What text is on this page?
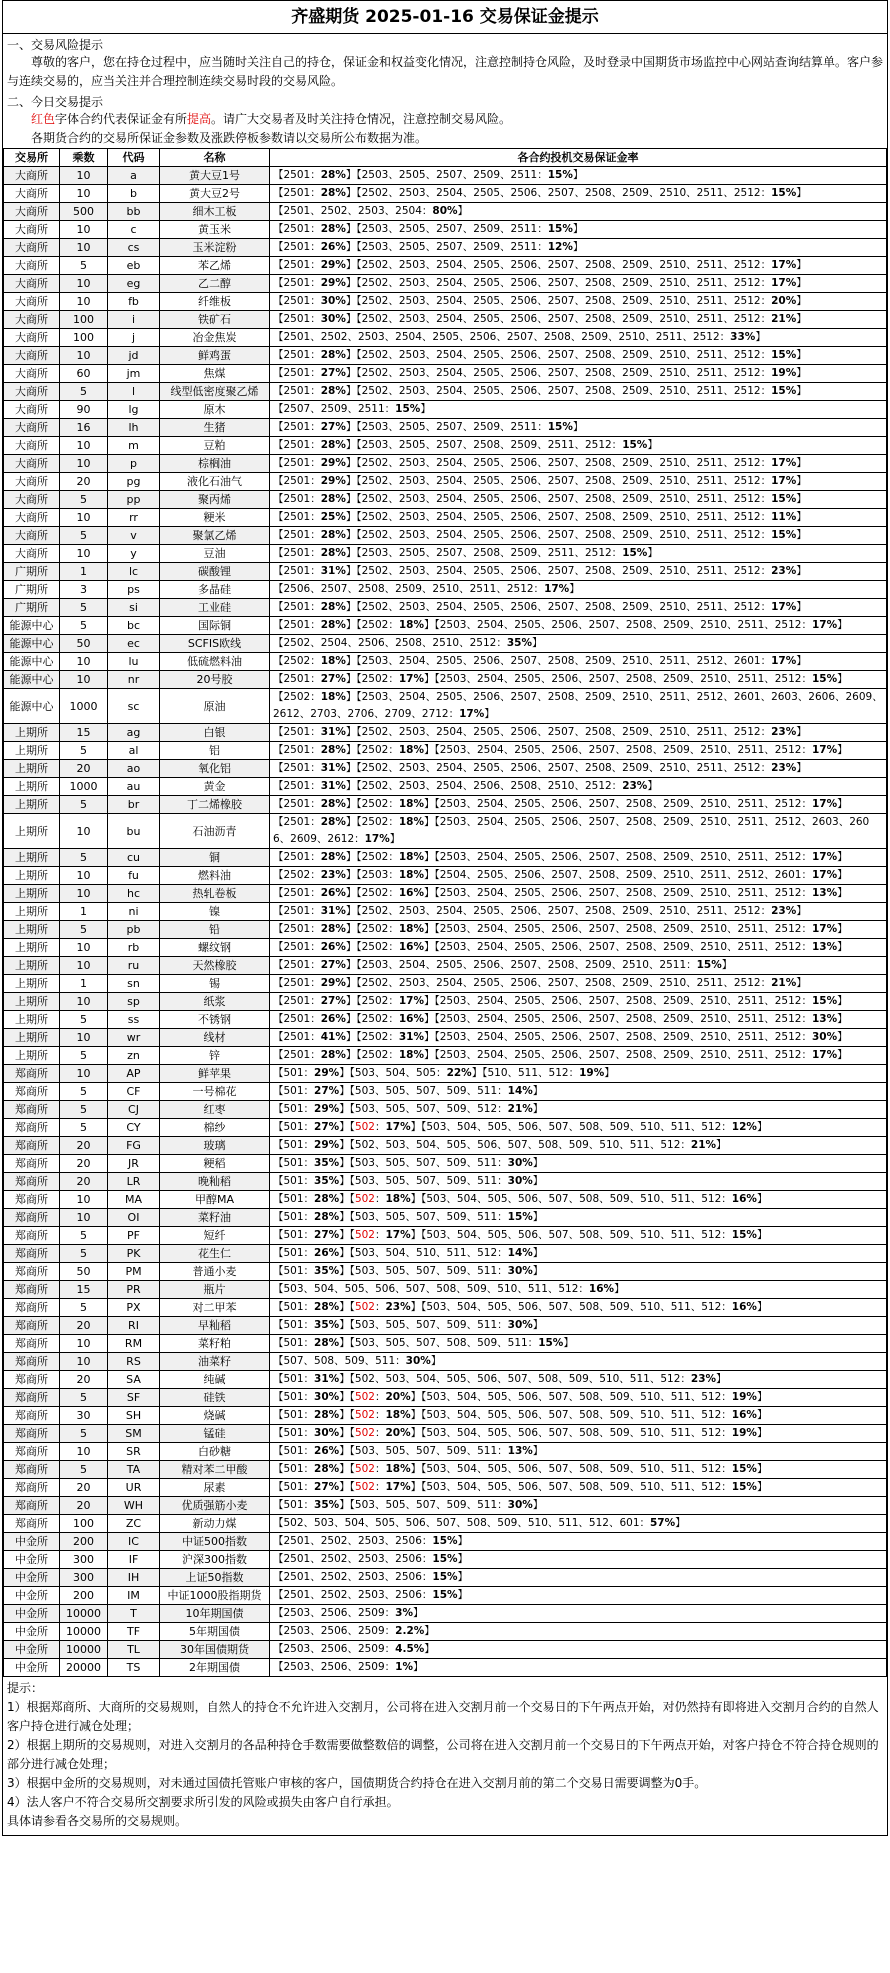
齐盛期货 2025-01-16 交易保证金提示
一、交易风险提示
尊敬的客户，您在持仓过程中，应当随时关注自己的持仓，保证金和权益变化情况，注意控制持仓风险，及时登录中国期货市场监控中心网站查询结算单。客户参与连续交易的，应当关注并合理控制连续交易时段的交易风险。
二、今日交易提示
红色字体合约代表保证金有所提高。请广大交易者及时关注持仓情况，注意控制交易风险。
各期货合约的交易所保证金参数及涨跌停板参数请以交易所公布数据为准。
交易所	乘数	代码	名称	各合约投机交易保证金率
大商所	10	a	黄大豆1号	【2501：28%】【2503、2505、2507、2509、2511：15%】
大商所	10	b	黄大豆2号	【2501：28%】【2502、2503、2504、2505、2506、2507、2508、2509、2510、2511、2512：15%】
大商所	500	bb	细木工板	【2501、2502、2503、2504：80%】
大商所	10	c	黄玉米	【2501：28%】【2503、2505、2507、2509、2511：15%】
大商所	10	cs	玉米淀粉	【2501：26%】【2503、2505、2507、2509、2511：12%】
大商所	5	eb	苯乙烯	【2501：29%】【2502、2503、2504、2505、2506、2507、2508、2509、2510、2511、2512：17%】
大商所	10	eg	乙二醇	【2501：29%】【2502、2503、2504、2505、2506、2507、2508、2509、2510、2511、2512：17%】
大商所	10	fb	纤维板	【2501：30%】【2502、2503、2504、2505、2506、2507、2508、2509、2510、2511、2512：20%】
大商所	100	i	铁矿石	【2501：30%】【2502、2503、2504、2505、2506、2507、2508、2509、2510、2511、2512：21%】
大商所	100	j	冶金焦炭	【2501、2502、2503、2504、2505、2506、2507、2508、2509、2510、2511、2512：33%】
大商所	10	jd	鲜鸡蛋	【2501：28%】【2502、2503、2504、2505、2506、2507、2508、2509、2510、2511、2512：15%】
大商所	60	jm	焦煤	【2501：27%】【2502、2503、2504、2505、2506、2507、2508、2509、2510、2511、2512：19%】
大商所	5	l	线型低密度聚乙烯	【2501：28%】【2502、2503、2504、2505、2506、2507、2508、2509、2510、2511、2512：15%】
大商所	90	lg	原木	【2507、2509、2511：15%】
大商所	16	lh	生猪	【2501：27%】【2503、2505、2507、2509、2511：15%】
大商所	10	m	豆粕	【2501：28%】【2503、2505、2507、2508、2509、2511、2512：15%】
大商所	10	p	棕榈油	【2501：29%】【2502、2503、2504、2505、2506、2507、2508、2509、2510、2511、2512：17%】
大商所	20	pg	液化石油气	【2501：29%】【2502、2503、2504、2505、2506、2507、2508、2509、2510、2511、2512：17%】
大商所	5	pp	聚丙烯	【2501：28%】【2502、2503、2504、2505、2506、2507、2508、2509、2510、2511、2512：15%】
大商所	10	rr	粳米	【2501：25%】【2502、2503、2504、2505、2506、2507、2508、2509、2510、2511、2512：11%】
大商所	5	v	聚氯乙烯	【2501：28%】【2502、2503、2504、2505、2506、2507、2508、2509、2510、2511、2512：15%】
大商所	10	y	豆油	【2501：28%】【2503、2505、2507、2508、2509、2511、2512：15%】
广期所	1	lc	碳酸锂	【2501：31%】【2502、2503、2504、2505、2506、2507、2508、2509、2510、2511、2512：23%】
广期所	3	ps	多晶硅	【2506、2507、2508、2509、2510、2511、2512：17%】
广期所	5	si	工业硅	【2501：28%】【2502、2503、2504、2505、2506、2507、2508、2509、2510、2511、2512：17%】
能源中心	5	bc	国际铜	【2501：28%】【2502：18%】【2503、2504、2505、2506、2507、2508、2509、2510、2511、2512：17%】
能源中心	50	ec	SCFIS欧线	【2502、2504、2506、2508、2510、2512：35%】
能源中心	10	lu	低硫燃料油	【2502：18%】【2503、2504、2505、2506、2507、2508、2509、2510、2511、2512、2601：17%】
能源中心	10	nr	20号胶	【2501：27%】【2502：17%】【2503、2504、2505、2506、2507、2508、2509、2510、2511、2512：15%】
能源中心	1000	sc	原油	【2502：18%】【2503、2504、2505、2506、2507、2508、2509、2510、2511、2512、2601、2603、2606、2609、2612、2703、2706、2709、2712：17%】
上期所	15	ag	白银	【2501：31%】【2502、2503、2504、2505、2506、2507、2508、2509、2510、2511、2512：23%】
上期所	5	al	铝	【2501：28%】【2502：18%】【2503、2504、2505、2506、2507、2508、2509、2510、2511、2512：17%】
上期所	20	ao	氧化铝	【2501：31%】【2502、2503、2504、2505、2506、2507、2508、2509、2510、2511、2512：23%】
上期所	1000	au	黄金	【2501：31%】【2502、2503、2504、2506、2508、2510、2512：23%】
上期所	5	br	丁二烯橡胶	【2501：28%】【2502：18%】【2503、2504、2505、2506、2507、2508、2509、2510、2511、2512：17%】
上期所	10	bu	石油沥青	【2501：28%】【2502：18%】【2503、2504、2505、2506、2507、2508、2509、2510、2511、2512、2603、2606、2609、2612：17%】
上期所	5	cu	铜	【2501：28%】【2502：18%】【2503、2504、2505、2506、2507、2508、2509、2510、2511、2512：17%】
上期所	10	fu	燃料油	【2502：23%】【2503：18%】【2504、2505、2506、2507、2508、2509、2510、2511、2512、2601：17%】
上期所	10	hc	热轧卷板	【2501：26%】【2502：16%】【2503、2504、2505、2506、2507、2508、2509、2510、2511、2512：13%】
上期所	1	ni	镍	【2501：31%】【2502、2503、2504、2505、2506、2507、2508、2509、2510、2511、2512：23%】
上期所	5	pb	铅	【2501：28%】【2502：18%】【2503、2504、2505、2506、2507、2508、2509、2510、2511、2512：17%】
上期所	10	rb	螺纹钢	【2501：26%】【2502：16%】【2503、2504、2505、2506、2507、2508、2509、2510、2511、2512：13%】
上期所	10	ru	天然橡胶	【2501：27%】【2503、2504、2505、2506、2507、2508、2509、2510、2511：15%】
上期所	1	sn	锡	【2501：29%】【2502、2503、2504、2505、2506、2507、2508、2509、2510、2511、2512：21%】
上期所	10	sp	纸浆	【2501：27%】【2502：17%】【2503、2504、2505、2506、2507、2508、2509、2510、2511、2512：15%】
上期所	5	ss	不锈钢	【2501：26%】【2502：16%】【2503、2504、2505、2506、2507、2508、2509、2510、2511、2512：13%】
上期所	10	wr	线材	【2501：41%】【2502：31%】【2503、2504、2505、2506、2507、2508、2509、2510、2511、2512：30%】
上期所	5	zn	锌	【2501：28%】【2502：18%】【2503、2504、2505、2506、2507、2508、2509、2510、2511、2512：17%】
郑商所	10	AP	鲜苹果	【501：29%】【503、504、505：22%】【510、511、512：19%】
郑商所	5	CF	一号棉花	【501：27%】【503、505、507、509、511：14%】
郑商所	5	CJ	红枣	【501：29%】【503、505、507、509、512：21%】
郑商所	5	CY	棉纱	【501：27%】【502：17%】【503、504、505、506、507、508、509、510、511、512：12%】
郑商所	20	FG	玻璃	【501：29%】【502、503、504、505、506、507、508、509、510、511、512：21%】
郑商所	20	JR	粳稻	【501：35%】【503、505、507、509、511：30%】
郑商所	20	LR	晚籼稻	【501：35%】【503、505、507、509、511：30%】
郑商所	10	MA	甲醇MA	【501：28%】【502：18%】【503、504、505、506、507、508、509、510、511、512：16%】
郑商所	10	OI	菜籽油	【501：28%】【503、505、507、509、511：15%】
郑商所	5	PF	短纤	【501：27%】【502：17%】【503、504、505、506、507、508、509、510、511、512：15%】
郑商所	5	PK	花生仁	【501：26%】【503、504、510、511、512：14%】
郑商所	50	PM	普通小麦	【501：35%】【503、505、507、509、511：30%】
郑商所	15	PR	瓶片	【503、504、505、506、507、508、509、510、511、512：16%】
郑商所	5	PX	对二甲苯	【501：28%】【502：23%】【503、504、505、506、507、508、509、510、511、512：16%】
郑商所	20	RI	早籼稻	【501：35%】【503、505、507、509、511：30%】
郑商所	10	RM	菜籽粕	【501：28%】【503、505、507、508、509、511：15%】
郑商所	10	RS	油菜籽	【507、508、509、511：30%】
郑商所	20	SA	纯碱	【501：31%】【502、503、504、505、506、507、508、509、510、511、512：23%】
郑商所	5	SF	硅铁	【501：30%】【502：20%】【503、504、505、506、507、508、509、510、511、512：19%】
郑商所	30	SH	烧碱	【501：28%】【502：18%】【503、504、505、506、507、508、509、510、511、512：16%】
郑商所	5	SM	锰硅	【501：30%】【502：20%】【503、504、505、506、507、508、509、510、511、512：19%】
郑商所	10	SR	白砂糖	【501：26%】【503、505、507、509、511：13%】
郑商所	5	TA	精对苯二甲酸	【501：28%】【502：18%】【503、504、505、506、507、508、509、510、511、512：15%】
郑商所	20	UR	尿素	【501：27%】【502：17%】【503、504、505、506、507、508、509、510、511、512：15%】
郑商所	20	WH	优质强筋小麦	【501：35%】【503、505、507、509、511：30%】
郑商所	100	ZC	新动力煤	【502、503、504、505、506、507、508、509、510、511、512、601：57%】
中金所	200	IC	中证500指数	【2501、2502、2503、2506：15%】
中金所	300	IF	沪深300指数	【2501、2502、2503、2506：15%】
中金所	300	IH	上证50指数	【2501、2502、2503、2506：15%】
中金所	200	IM	中证1000股指期货	【2501、2502、2503、2506：15%】
中金所	10000	T	10年期国债	【2503、2506、2509：3%】
中金所	10000	TF	5年期国债	【2503、2506、2509：2.2%】
中金所	10000	TL	30年国债期货	【2503、2506、2509：4.5%】
中金所	20000	TS	2年期国债	【2503、2506、2509：1%】
提示：
1）根据郑商所、大商所的交易规则，自然人的持仓不允许进入交割月，公司将在进入交割月前一个交易日的下午两点开始，对仍然持有即将进入交割月合约的自然人客户持仓进行减仓处理；
2）根据上期所的交易规则，对进入交割月的各品种持仓手数需要做整数倍的调整，公司将在进入交割月前一个交易日的下午两点开始，对客户持仓不符合持仓规则的部分进行减仓处理；
3）根据中金所的交易规则，对未通过国债托管账户审核的客户，国债期货合约持仓在进入交割月前的第二个交易日需要调整为0手。
4）法人客户不符合交易所交割要求所引发的风险或损失由客户自行承担。
具体请参看各交易所的交易规则。
